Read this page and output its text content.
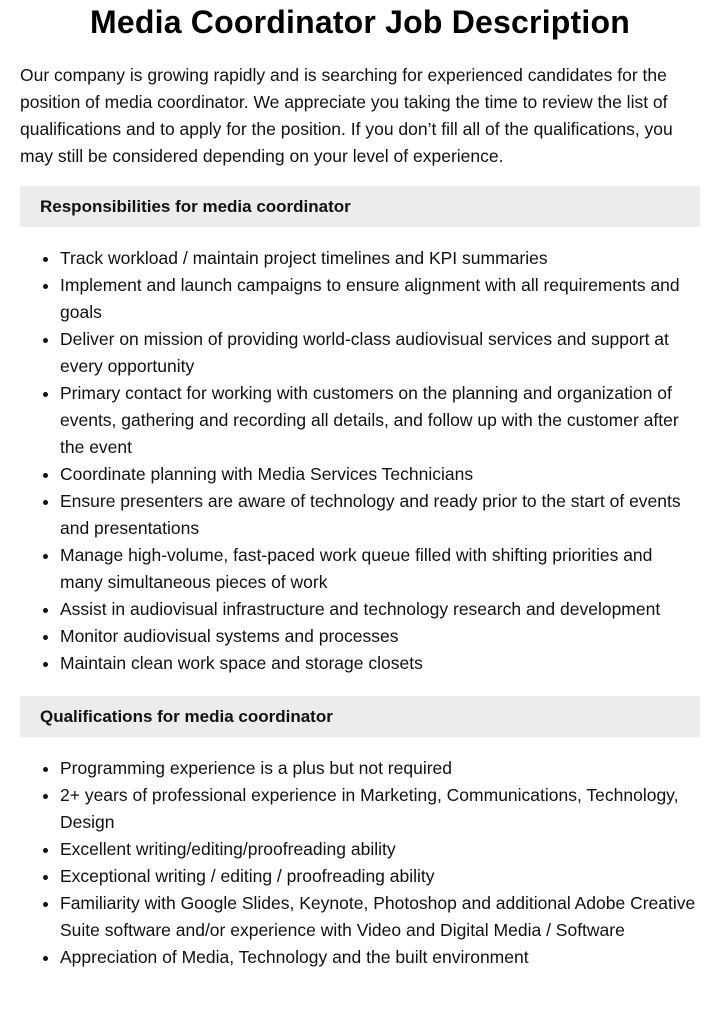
Media Coordinator Job Description

Our company is growing rapidly and is searching for experienced candidates for the position of media coordinator. We appreciate you taking the time to review the list of qualifications and to apply for the position. If you don’t fill all of the qualifications, you may still be considered depending on your level of experience.

Responsibilities for media coordinator
• Track workload / maintain project timelines and KPI summaries
• Implement and launch campaigns to ensure alignment with all requirements and goals
• Deliver on mission of providing world-class audiovisual services and support at every opportunity
• Primary contact for working with customers on the planning and organization of events, gathering and recording all details, and follow up with the customer after the event
• Coordinate planning with Media Services Technicians
• Ensure presenters are aware of technology and ready prior to the start of events and presentations
• Manage high-volume, fast-paced work queue filled with shifting priorities and many simultaneous pieces of work
• Assist in audiovisual infrastructure and technology research and development
• Monitor audiovisual systems and processes
• Maintain clean work space and storage closets
Qualifications for media coordinator
• Programming experience is a plus but not required
• 2+ years of professional experience in Marketing, Communications, Technology, Design
• Excellent writing/editing/proofreading ability
• Exceptional writing / editing / proofreading ability
• Familiarity with Google Slides, Keynote, Photoshop and additional Adobe Creative Suite software and/or experience with Video and Digital Media / Software
• Appreciation of Media, Technology and the built environment
